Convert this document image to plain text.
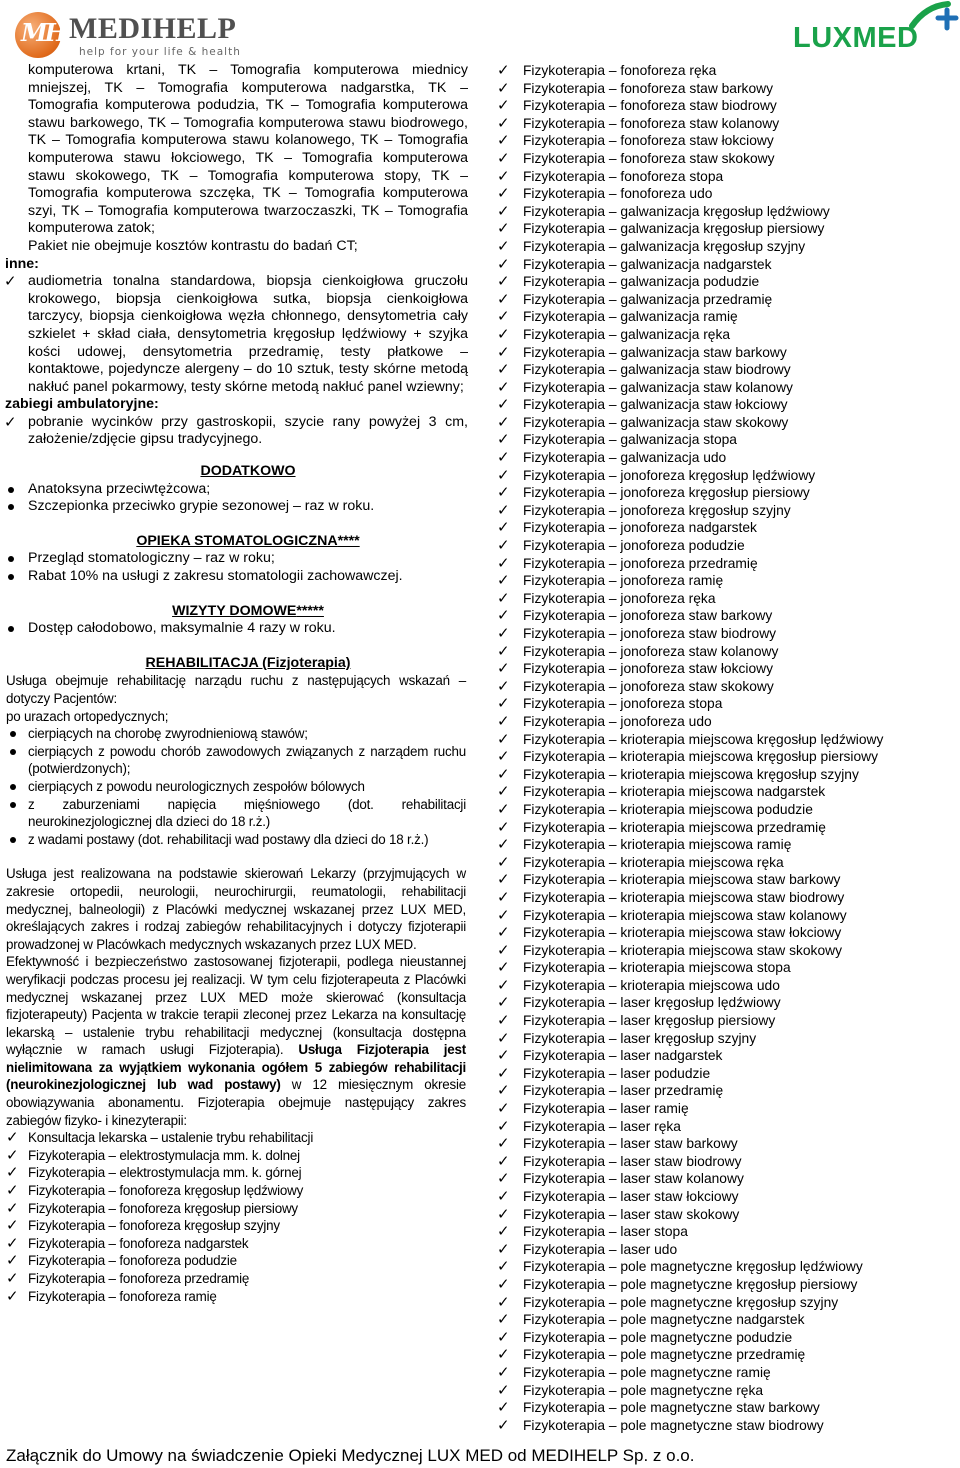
MH MEDIHELP
help for your life & health	LUXMED
komputerowa krtani, TK – Tomografia komputerowa miednicy mniejszej, TK – Tomografia komputerowa nadgarstka, TK – Tomografia komputerowa podudzia, TK – Tomografia komputerowa stawu barkowego, TK – Tomografia komputerowa stawu biodrowego, TK – Tomografia komputerowa stawu kolanowego, TK – Tomografia komputerowa stawu łokciowego, TK – Tomografia komputerowa stawu skokowego, TK – Tomografia komputerowa stopy, TK – Tomografia komputerowa szczęka, TK – Tomografia komputerowa szyi, TK – Tomografia komputerowa twarzoczaszki, TK – Tomografia komputerowa zatok;
Pakiet nie obejmuje kosztów kontrastu do badań CT;
inne:
✓ audiometria tonalna standardowa, biopsja cienkoigłowa gruczołu krokowego, biopsja cienkoigłowa sutka, biopsja cienkoigłowa tarczycy, biopsja cienkoigłowa węzła chłonnego, densytometria cały szkielet + skład ciała, densytometria kręgosłup lędźwiowy + szyjka kości udowej, densytometria przedramię, testy płatkowe – kontaktowe, pojedyncze alergeny – do 10 sztuk, testy skórne metodą nakłuć panel pokarmowy, testy skórne metodą nakłuć panel wziewny;
zabiegi ambulatoryjne:
✓ pobranie wycinków przy gastroskopii, szycie rany powyżej 3 cm, założenie/zdjęcie gipsu tradycyjnego.
DODATKOWO
Anatoksyna przeciwtężcowa;
Szczepionka przeciwko grypie sezonowej – raz w roku.
OPIEKA STOMATOLOGICZNA****
Przegląd stomatologiczny – raz w roku;
Rabat 10% na usługi z zakresu stomatologii zachowawczej.
WIZYTY DOMOWE*****
Dostęp całodobowo, maksymalnie 4 razy w roku.
REHABILITACJA (Fizjoterapia)
Usługa obejmuje rehabilitację narządu ruchu z następujących wskazań – dotyczy Pacjentów:
po urazach ortopedycznych;
cierpiących na chorobę zwyrodnieniową stawów;
cierpiących z powodu chorób zawodowych związanych z narządem ruchu (potwierdzonych);
cierpiących z powodu neurologicznych zespołów bólowych
z zaburzeniami napięcia mięśniowego (dot. rehabilitacji neurokinezjologicznej dla dzieci do 18 r.ż.)
z wadami postawy (dot. rehabilitacji wad postawy dla dzieci do 18 r.ż.)
Usługa jest realizowana na podstawie skierowań Lekarzy (przyjmujących w zakresie ortopedii, neurologii, neurochirurgii, reumatologii, rehabilitacji medycznej, balneologii) z Placówki medycznej wskazanej przez LUX MED, określających zakres i rodzaj zabiegów rehabilitacyjnych i dotyczy fizjoterapii prowadzonej w Placówkach medycznych wskazanych przez LUX MED.
Efektywność i bezpieczeństwo zastosowanej fizjoterapii, podlega nieustannej weryfikacji podczas procesu jej realizacji. W tym celu fizjoterapeuta z Placówki medycznej wskazanej przez LUX MED może skierować (konsultacja fizjoterapeuty) Pacjenta w trakcie terapii zleconej przez Lekarza na konsultację lekarską – ustalenie trybu rehabilitacji medycznej (konsultacja dostępna wyłącznie w ramach usługi Fizjoterapia). Usługa Fizjoterapia jest nielimitowana za wyjątkiem wykonania ogółem 5 zabiegów rehabilitacji (neurokinezjologicznej lub wad postawy) w 12 miesięcznym okresie obowiązywania abonamentu. Fizjoterapia obejmuje następujący zakres zabiegów fizyko- i kinezyterapii:
✓ Konsultacja lekarska – ustalenie trybu rehabilitacji
✓ Fizykoterapia – elektrostymulacja mm. k. dolnej
✓ Fizykoterapia – elektrostymulacja mm. k. górnej
✓ Fizykoterapia – fonoforeza kręgosłup lędźwiowy
✓ Fizykoterapia – fonoforeza kręgosłup piersiowy
✓ Fizykoterapia – fonoforeza kręgosłup szyjny
✓ Fizykoterapia – fonoforeza nadgarstek
✓ Fizykoterapia – fonoforeza podudzie
✓ Fizykoterapia – fonoforeza przedramię
✓ Fizykoterapia – fonoforeza ramię
✓ Fizykoterapia – fonoforeza ręka
✓ Fizykoterapia – fonoforeza staw barkowy
✓ Fizykoterapia – fonoforeza staw biodrowy
✓ Fizykoterapia – fonoforeza staw kolanowy
✓ Fizykoterapia – fonoforeza staw łokciowy
✓ Fizykoterapia – fonoforeza staw skokowy
✓ Fizykoterapia – fonoforeza stopa
✓ Fizykoterapia – fonoforeza udo
✓ Fizykoterapia – galwanizacja kręgosłup lędźwiowy
✓ Fizykoterapia – galwanizacja kręgosłup piersiowy
✓ Fizykoterapia – galwanizacja kręgosłup szyjny
✓ Fizykoterapia – galwanizacja nadgarstek
✓ Fizykoterapia – galwanizacja podudzie
✓ Fizykoterapia – galwanizacja przedramię
✓ Fizykoterapia – galwanizacja ramię
✓ Fizykoterapia – galwanizacja ręka
✓ Fizykoterapia – galwanizacja staw barkowy
✓ Fizykoterapia – galwanizacja staw biodrowy
✓ Fizykoterapia – galwanizacja staw kolanowy
✓ Fizykoterapia – galwanizacja staw łokciowy
✓ Fizykoterapia – galwanizacja staw skokowy
✓ Fizykoterapia – galwanizacja stopa
✓ Fizykoterapia – galwanizacja udo
✓ Fizykoterapia – jonoforeza kręgosłup lędźwiowy
✓ Fizykoterapia – jonoforeza kręgosłup piersiowy
✓ Fizykoterapia – jonoforeza kręgosłup szyjny
✓ Fizykoterapia – jonoforeza nadgarstek
✓ Fizykoterapia – jonoforeza podudzie
✓ Fizykoterapia – jonoforeza przedramię
✓ Fizykoterapia – jonoforeza ramię
✓ Fizykoterapia – jonoforeza ręka
✓ Fizykoterapia – jonoforeza staw barkowy
✓ Fizykoterapia – jonoforeza staw biodrowy
✓ Fizykoterapia – jonoforeza staw kolanowy
✓ Fizykoterapia – jonoforeza staw łokciowy
✓ Fizykoterapia – jonoforeza staw skokowy
✓ Fizykoterapia – jonoforeza stopa
✓ Fizykoterapia – jonoforeza udo
✓ Fizykoterapia – krioterapia miejscowa kręgosłup lędźwiowy
✓ Fizykoterapia – krioterapia miejscowa kręgosłup piersiowy
✓ Fizykoterapia – krioterapia miejscowa kręgosłup szyjny
✓ Fizykoterapia – krioterapia miejscowa nadgarstek
✓ Fizykoterapia – krioterapia miejscowa podudzie
✓ Fizykoterapia – krioterapia miejscowa przedramię
✓ Fizykoterapia – krioterapia miejscowa ramię
✓ Fizykoterapia – krioterapia miejscowa ręka
✓ Fizykoterapia – krioterapia miejscowa staw barkowy
✓ Fizykoterapia – krioterapia miejscowa staw biodrowy
✓ Fizykoterapia – krioterapia miejscowa staw kolanowy
✓ Fizykoterapia – krioterapia miejscowa staw łokciowy
✓ Fizykoterapia – krioterapia miejscowa staw skokowy
✓ Fizykoterapia – krioterapia miejscowa stopa
✓ Fizykoterapia – krioterapia miejscowa udo
✓ Fizykoterapia – laser kręgosłup lędźwiowy
✓ Fizykoterapia – laser kręgosłup piersiowy
✓ Fizykoterapia – laser kręgosłup szyjny
✓ Fizykoterapia – laser nadgarstek
✓ Fizykoterapia – laser podudzie
✓ Fizykoterapia – laser przedramię
✓ Fizykoterapia – laser ramię
✓ Fizykoterapia – laser ręka
✓ Fizykoterapia – laser staw barkowy
✓ Fizykoterapia – laser staw biodrowy
✓ Fizykoterapia – laser staw kolanowy
✓ Fizykoterapia – laser staw łokciowy
✓ Fizykoterapia – laser staw skokowy
✓ Fizykoterapia – laser stopa
✓ Fizykoterapia – laser udo
✓ Fizykoterapia – pole magnetyczne kręgosłup lędźwiowy
✓ Fizykoterapia – pole magnetyczne kręgosłup piersiowy
✓ Fizykoterapia – pole magnetyczne kręgosłup szyjny
✓ Fizykoterapia – pole magnetyczne nadgarstek
✓ Fizykoterapia – pole magnetyczne podudzie
✓ Fizykoterapia – pole magnetyczne przedramię
✓ Fizykoterapia – pole magnetyczne ramię
✓ Fizykoterapia – pole magnetyczne ręka
✓ Fizykoterapia – pole magnetyczne staw barkowy
✓ Fizykoterapia – pole magnetyczne staw biodrowy
Załącznik do Umowy na świadczenie Opieki Medycznej LUX MED od MEDIHELP Sp. z o.o.
